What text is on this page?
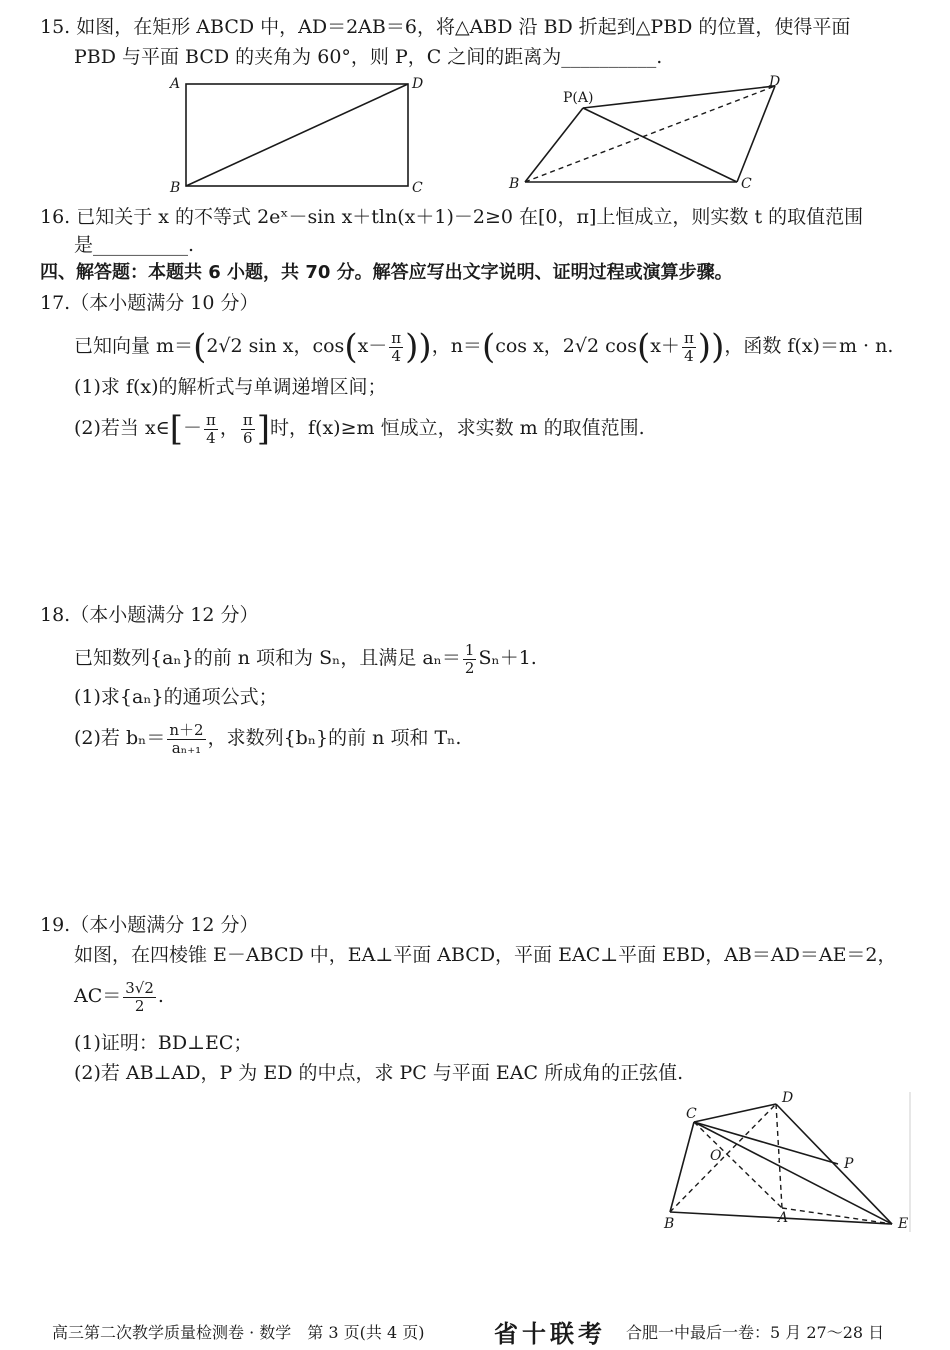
15. 如图，在矩形 ABCD 中，AD＝2AB＝6，将△ABD 沿 BD 折起到△PBD 的位置，使得平面
PBD 与平面 BCD 的夹角为 60°，则 P，C 之间的距离为__________.
A	D
B	C
P(A)
D
B	C
16. 已知关于 x 的不等式 2eˣ－sin x＋tln(x＋1)－2≥0 在[0，π]上恒成立，则实数 t 的取值范围
是__________.
四、解答题：本题共 6 小题，共 70 分。解答应写出文字说明、证明过程或演算步骤。
17.（本小题满分 10 分）
已知向量 m＝(2√2 sin x，$\cos(x- \frac{\pi}{4}$ ))，n＝(cos x，2√2 $\cos(x+ \frac{\pi}{4}$ ))，函数 f(x)＝m · n.
(1)求 f(x)的解析式与单调递增区间；
(2)若当 x∈[－ $\frac{\pi}{4}$ ， $\frac{\pi}{6}$ ]时，f(x)≥m 恒成立，求实数 m 的取值范围.
18.（本小题满分 12 分）
已知数列{aₙ}的前 n 项和为 Sₙ，且满足 $a_n= \frac{1}{2} S_n+1$.
(1)求{aₙ}的通项公式；
(2)若 $b_n= \frac{n+2}{\text{aₙ₊₁}}$ ，求数列{bₙ}的前 n 项和 Tₙ.
19.（本小题满分 12 分）
如图，在四棱锥 E－ABCD 中，EA⊥平面 ABCD，平面 EAC⊥平面 EBD，AB＝AD＝AE＝2，
$AC= \frac{3√2}{2}$ .
(1)证明：BD⊥EC；
(2)若 AB⊥AD，P 为 ED 的中点，求 PC 与平面 EAC 所成角的正弦值.
C
D
O	P
B	A	E
高三第二次教学质量检测卷 · 数学　第 3 页(共 4 页)	省十联考 合肥一中最后一卷：5 月 27～28 日
